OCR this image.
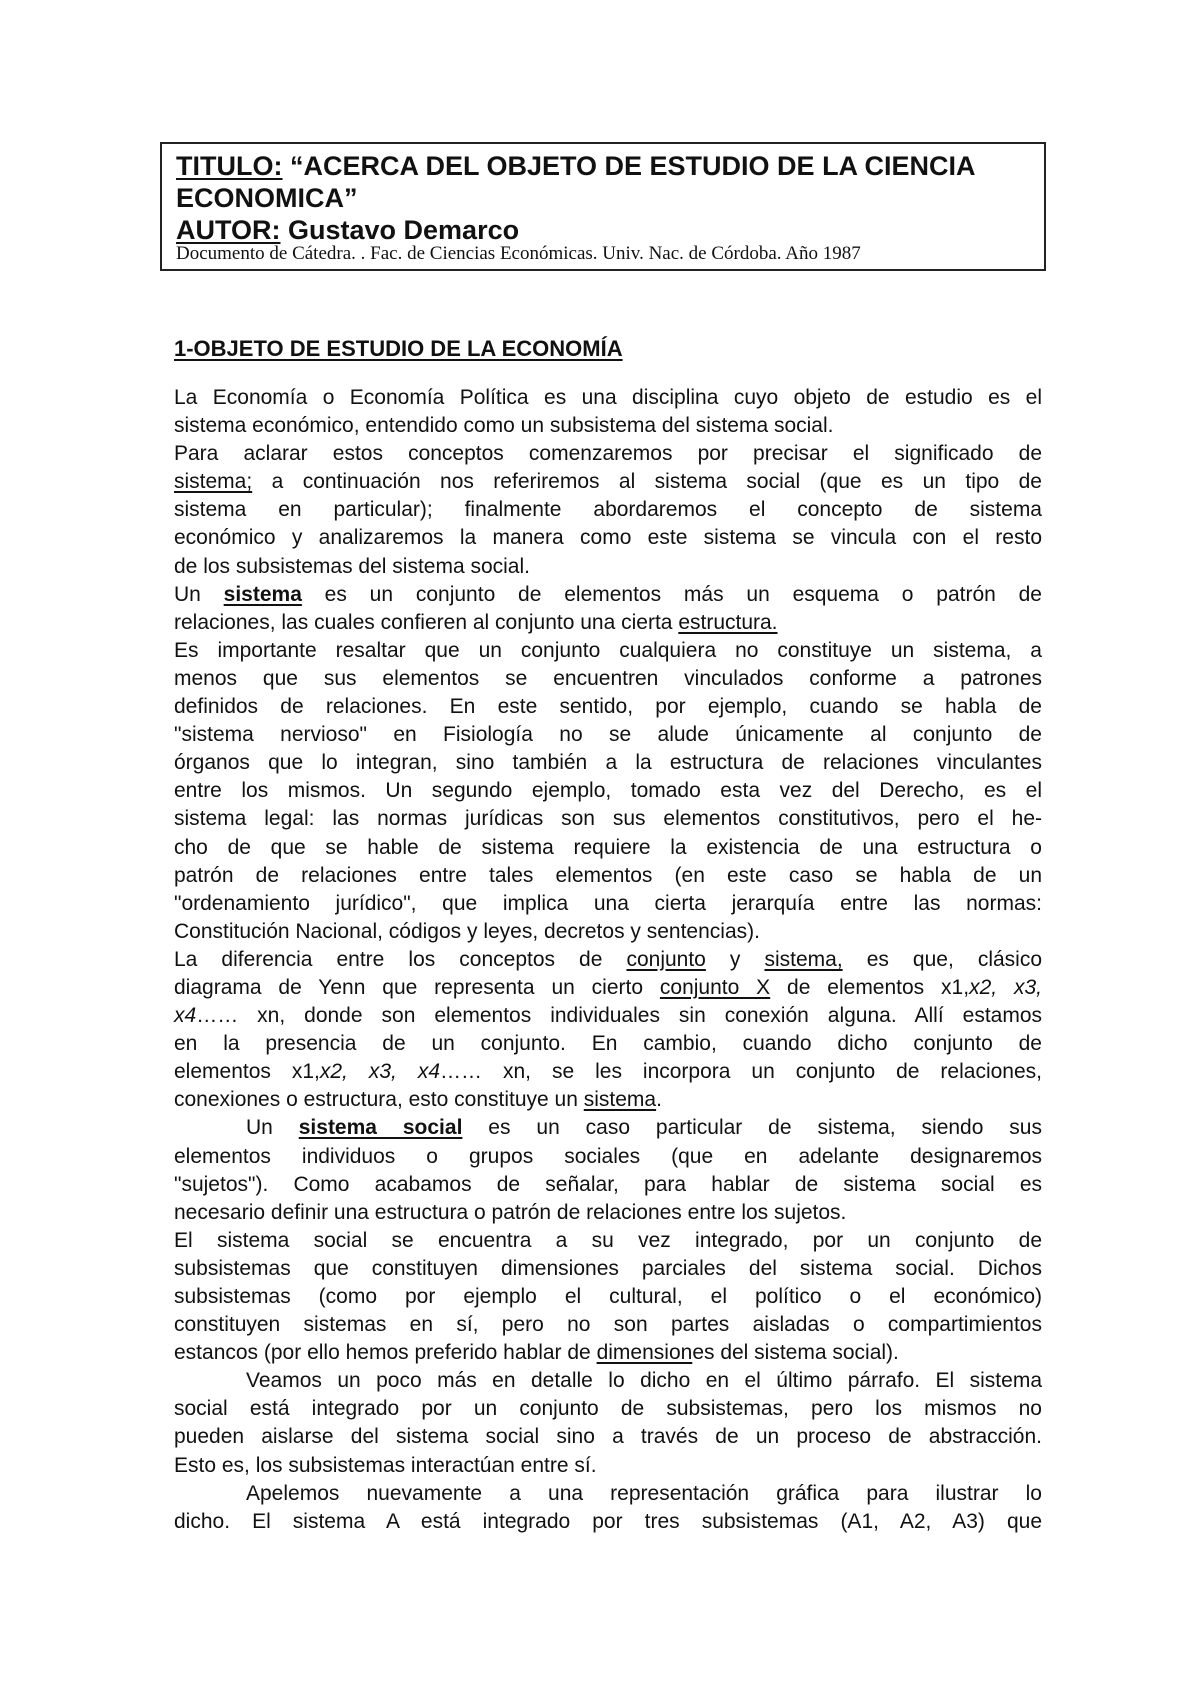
TITULO: “ACERCA DEL OBJETO DE ESTUDIO DE LA CIENCIA
ECONOMICA”
AUTOR: Gustavo Demarco
Documento de Cátedra. . Fac. de Ciencias Económicas. Univ. Nac. de Córdoba. Año 1987
1-OBJETO DE ESTUDIO DE LA ECONOMÍA
La Economía o Economía Política es una disciplina cuyo objeto de estudio es el
sistema económico, entendido como un subsistema del sistema social.
Para aclarar estos conceptos comenzaremos por precisar el significado de
sistema; a continuación nos referiremos al sistema social (que es un tipo de
sistema en particular); finalmente abordaremos el concepto de sistema
económico y analizaremos la manera como este sistema se vincula con el resto
de los subsistemas del sistema social.
Un sistema es un conjunto de elementos más un esquema o patrón de
relaciones, las cuales confieren al conjunto una cierta estructura.
Es importante resaltar que un conjunto cualquiera no constituye un sistema, a
menos que sus elementos se encuentren vinculados conforme a patrones
definidos de relaciones. En este sentido, por ejemplo, cuando se habla de
"sistema nervioso" en Fisiología no se alude únicamente al conjunto de
órganos que lo integran, sino también a la estructura de relaciones vinculantes
entre los mismos. Un segundo ejemplo, tomado esta vez del Derecho, es el
sistema legal: las normas jurídicas son sus elementos constitutivos, pero el he-
cho de que se hable de sistema requiere la existencia de una estructura o
patrón de relaciones entre tales elementos (en este caso se habla de un
"ordenamiento jurídico", que implica una cierta jerarquía entre las normas:
Constitución Nacional, códigos y leyes, decretos y sentencias).
La diferencia entre los conceptos de conjunto y sistema, es que, clásico
diagrama de Yenn que representa un cierto conjunto X de elementos x1,x2, x3,
x4…… xn, donde son elementos individuales sin conexión alguna. Allí estamos
en la presencia de un conjunto. En cambio, cuando dicho conjunto de
elementos x1,x2, x3, x4…… xn, se les incorpora un conjunto de relaciones,
conexiones o estructura, esto constituye un sistema.
Un sistema social es un caso particular de sistema, siendo sus
elementos individuos o grupos sociales (que en adelante designaremos
"sujetos"). Como acabamos de señalar, para hablar de sistema social es
necesario definir una estructura o patrón de relaciones entre los sujetos.
El sistema social se encuentra a su vez integrado, por un conjunto de
subsistemas que constituyen dimensiones parciales del sistema social. Dichos
subsistemas (como por ejemplo el cultural, el político o el económico)
constituyen sistemas en sí, pero no son partes aisladas o compartimientos
estancos (por ello hemos preferido hablar de dimensiones del sistema social).
Veamos un poco más en detalle lo dicho en el último párrafo. El sistema
social está integrado por un conjunto de subsistemas, pero los mismos no
pueden aislarse del sistema social sino a través de un proceso de abstracción.
Esto es, los subsistemas interactúan entre sí.
Apelemos nuevamente a una representación gráfica para ilustrar lo
dicho. El sistema A está integrado por tres subsistemas (A1, A2, A3) que
